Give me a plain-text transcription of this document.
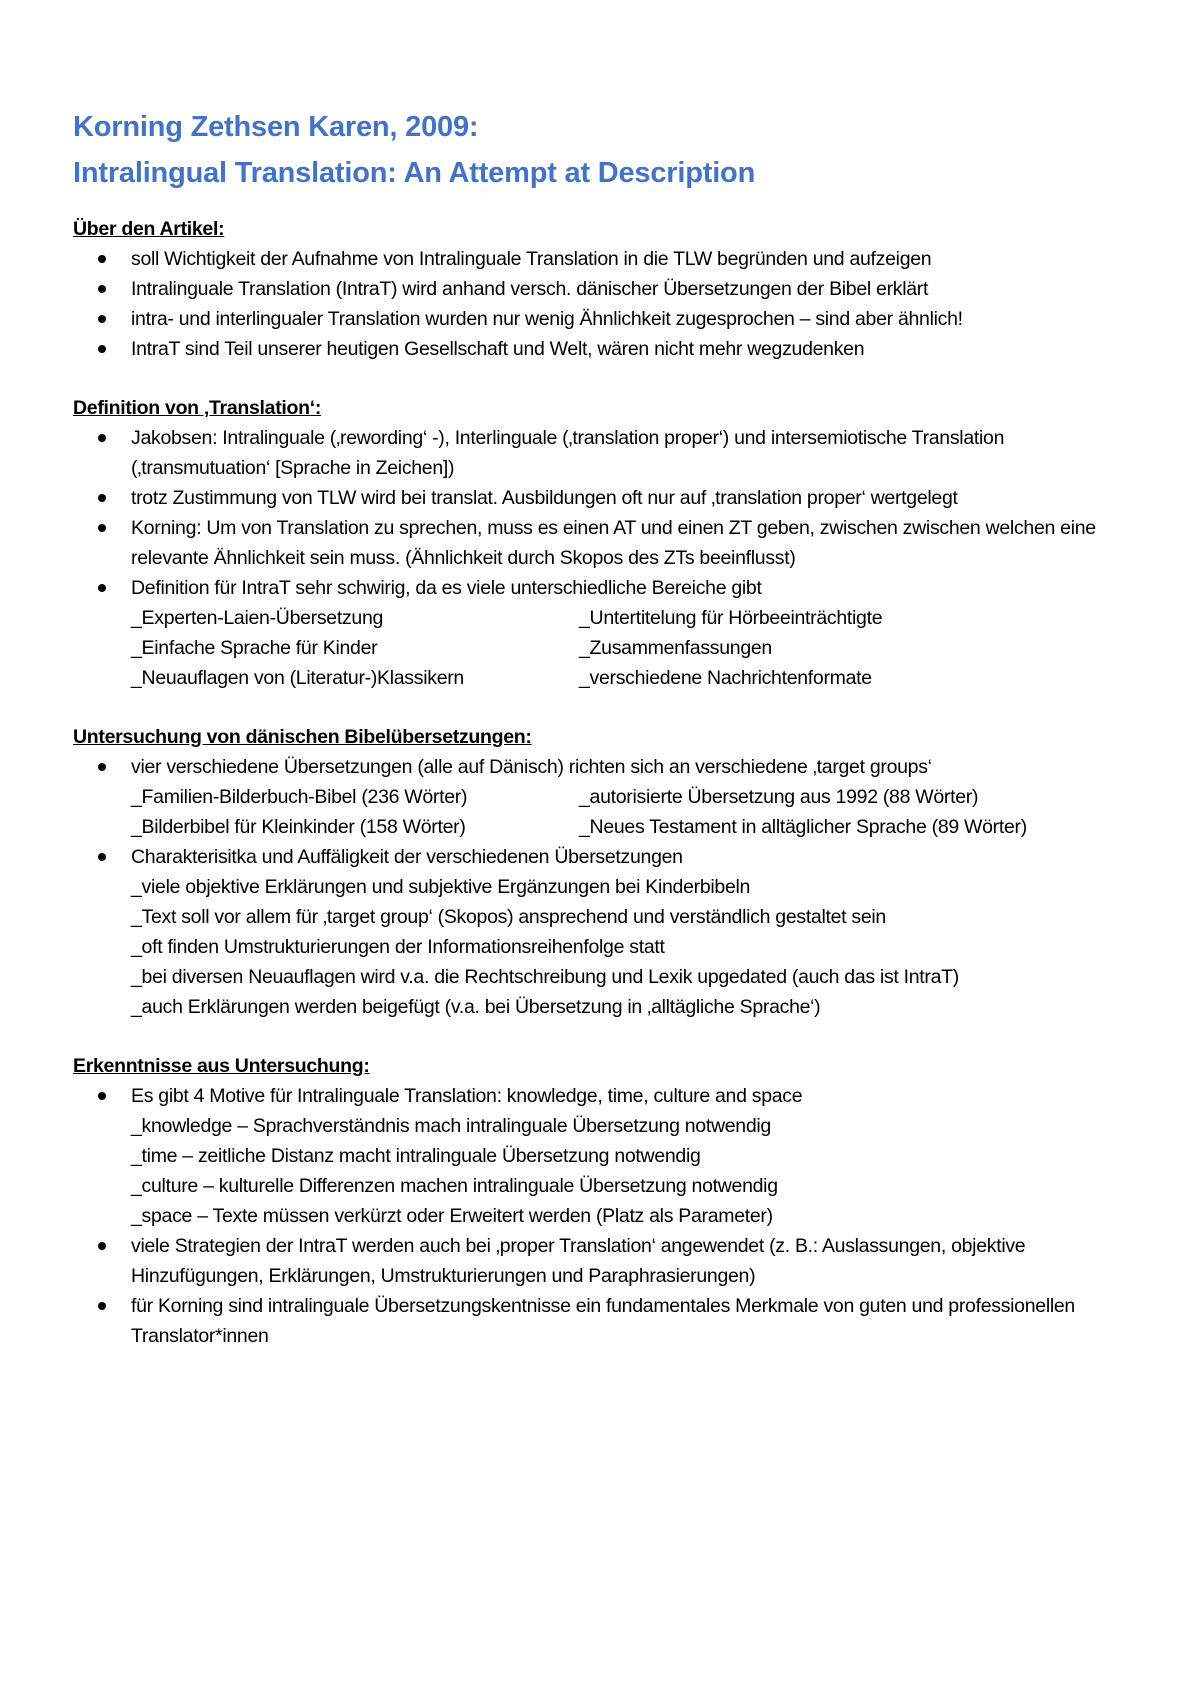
Korning Zethsen Karen, 2009:
Intralingual Translation: An Attempt at Description
Über den Artikel:
soll Wichtigkeit der Aufnahme von Intralinguale Translation in die TLW begründen und aufzeigen
Intralinguale Translation (IntraT) wird anhand versch. dänischer Übersetzungen der Bibel erklärt
intra- und interlingualer Translation wurden nur wenig Ähnlichkeit zugesprochen – sind aber ähnlich!
IntraT sind Teil unserer heutigen Gesellschaft und Welt, wären nicht mehr wegzudenken
Definition von ‚Translation‘:
Jakobsen: Intralinguale (‚rewording‘ -), Interlinguale (‚translation proper‘) und intersemiotische Translation (‚transmutuation‘ [Sprache in Zeichen])
trotz Zustimmung von TLW wird bei translat. Ausbildungen oft nur auf ‚translation proper‘ wertgelegt
Korning: Um von Translation zu sprechen, muss es einen AT und einen ZT geben, zwischen zwischen welchen eine relevante Ähnlichkeit sein muss. (Ähnlichkeit durch Skopos des ZTs beeinflusst)
Definition für IntraT sehr schwirig, da es viele unterschiedliche Bereiche gibt
_Experten-Laien-Übersetzung	_Untertitelung für Hörbeeinträchtigte
_Einfache Sprache für Kinder	_Zusammenfassungen
_Neuauflagen von (Literatur-)Klassikern	_verschiedene Nachrichtenformate
Untersuchung von dänischen Bibelübersetzungen:
vier verschiedene Übersetzungen (alle auf Dänisch) richten sich an verschiedene ‚target groups‘
_Familien-Bilderbuch-Bibel (236 Wörter)	_autorisierte Übersetzung aus 1992 (88 Wörter)
_Bilderbibel für Kleinkinder (158 Wörter)	_Neues Testament in alltäglicher Sprache (89 Wörter)
Charakterisitka und Auffäligkeit der verschiedenen Übersetzungen
_viele objektive Erklärungen und subjektive Ergänzungen bei Kinderbibeln
_Text soll vor allem für ‚target group‘ (Skopos) ansprechend und verständlich gestaltet sein
_oft finden Umstrukturierungen der Informationsreihenfolge statt
_bei diversen Neuauflagen wird v.a. die Rechtschreibung und Lexik upgedated (auch das ist IntraT)
_auch Erklärungen werden beigefügt (v.a. bei Übersetzung in ‚alltägliche Sprache‘)
Erkenntnisse aus Untersuchung:
Es gibt 4 Motive für Intralinguale Translation: knowledge, time, culture and space
_knowledge – Sprachverständnis mach intralinguale Übersetzung notwendig
_time – zeitliche Distanz macht intralinguale Übersetzung notwendig
_culture – kulturelle Differenzen machen intralinguale Übersetzung notwendig
_space – Texte müssen verkürzt oder Erweitert werden (Platz als Parameter)
viele Strategien der IntraT werden auch bei ‚proper Translation‘ angewendet (z. B.: Auslassungen, objektive Hinzufügungen, Erklärungen, Umstrukturierungen und Paraphrasierungen)
für Korning sind intralinguale Übersetzungskentnisse ein fundamentales Merkmale von guten und professionellen Translator*innen
